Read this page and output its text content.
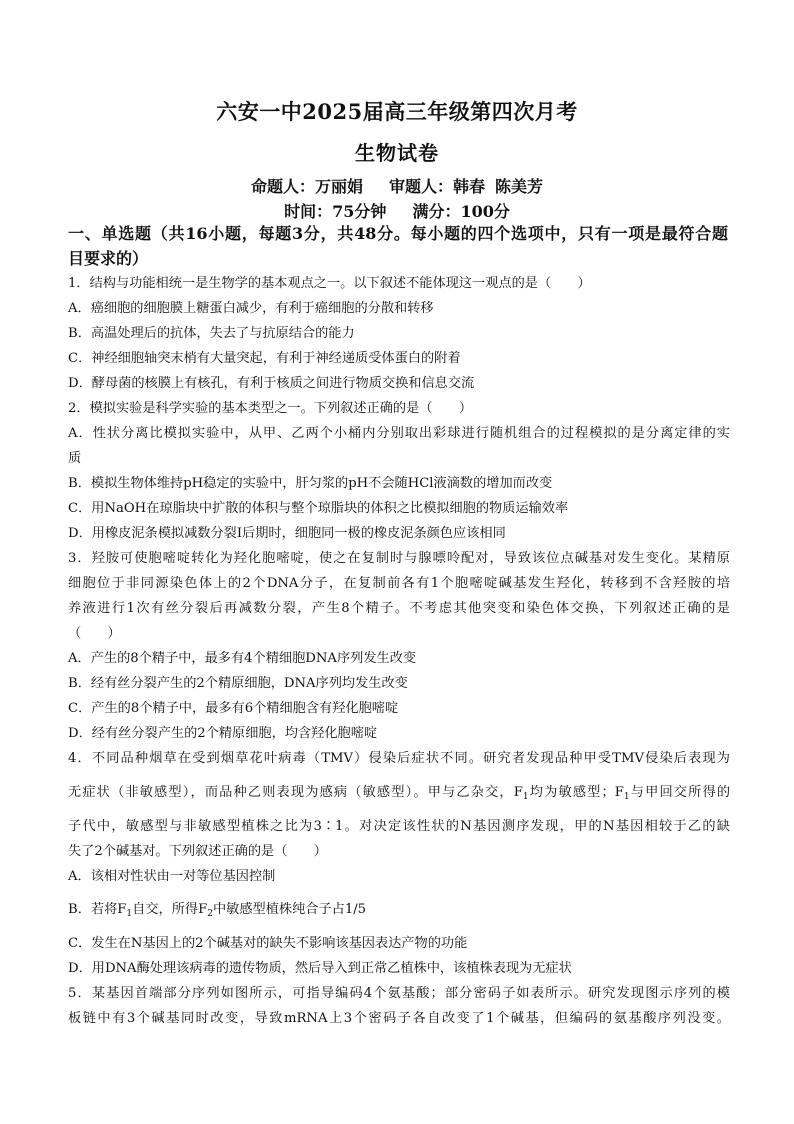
六安一中2025届高三年级第四次月考
生物试卷
命题人：万丽娟 审题人：韩春 陈美芳
时间：75分钟 满分：100分
一、单选题（共16小题，每题3分，共48分。每小题的四个选项中，只有一项是最符合题
目要求的）
1．结构与功能相统一是生物学的基本观点之一。以下叙述不能体现这一观点的是（　　）
A．癌细胞的细胞膜上糖蛋白减少，有利于癌细胞的分散和转移
B．高温处理后的抗体，失去了与抗原结合的能力
C．神经细胞轴突末梢有大量突起，有利于神经递质受体蛋白的附着
D．酵母菌的核膜上有核孔，有利于核质之间进行物质交换和信息交流
2．模拟实验是科学实验的基本类型之一。下列叙述正确的是（　　）
A．性状分离比模拟实验中，从甲、乙两个小桶内分别取出彩球进行随机组合的过程模拟的是分离定律的实
质
B．模拟生物体维持pH稳定的实验中，肝匀浆的pH不会随HCl液滴数的增加而改变
C．用NaOH在琼脂块中扩散的体积与整个琼脂块的体积之比模拟细胞的物质运输效率
D．用橡皮泥条模拟减数分裂Ⅰ后期时，细胞同一极的橡皮泥条颜色应该相同
3．羟胺可使胞嘧啶转化为羟化胞嘧啶，使之在复制时与腺嘌呤配对，导致该位点碱基对发生变化。某精原
细胞位于非同源染色体上的2个DNA分子，在复制前各有1个胞嘧啶碱基发生羟化，转移到不含羟胺的培
养液进行1次有丝分裂后再减数分裂，产生8个精子。不考虑其他突变和染色体交换，下列叙述正确的是
（　　）
A．产生的8个精子中，最多有4个精细胞DNA序列发生改变
B．经有丝分裂产生的2个精原细胞，DNA序列均发生改变
C．产生的8个精子中，最多有6个精细胞含有羟化胞嘧啶
D．经有丝分裂产生的2个精原细胞，均含羟化胞嘧啶
4．不同品种烟草在受到烟草花叶病毒（TMV）侵染后症状不同。研究者发现品种甲受TMV侵染后表现为
无症状（非敏感型），而品种乙则表现为感病（敏感型）。甲与乙杂交，$F_1$均为敏感型；$F_1$与甲回交所得的
子代中，敏感型与非敏感型植株之比为3∶1。对决定该性状的N基因测序发现，甲的N基因相较于乙的缺
失了2个碱基对。下列叙述正确的是（　　）
A．该相对性状由一对等位基因控制
B．若将$F_1$自交，所得$F_2$中敏感型植株纯合子占1/5
C．发生在N基因上的2个碱基对的缺失不影响该基因表达产物的功能
D．用DNA酶处理该病毒的遗传物质，然后导入到正常乙植株中，该植株表现为无症状
5．某基因首端部分序列如图所示，可指导编码4个氨基酸；部分密码子如表所示。研究发现图示序列的模
板链中有3个碱基同时改变，导致mRNA上3个密码子各自改变了1个碱基，但编码的氨基酸序列没变。
